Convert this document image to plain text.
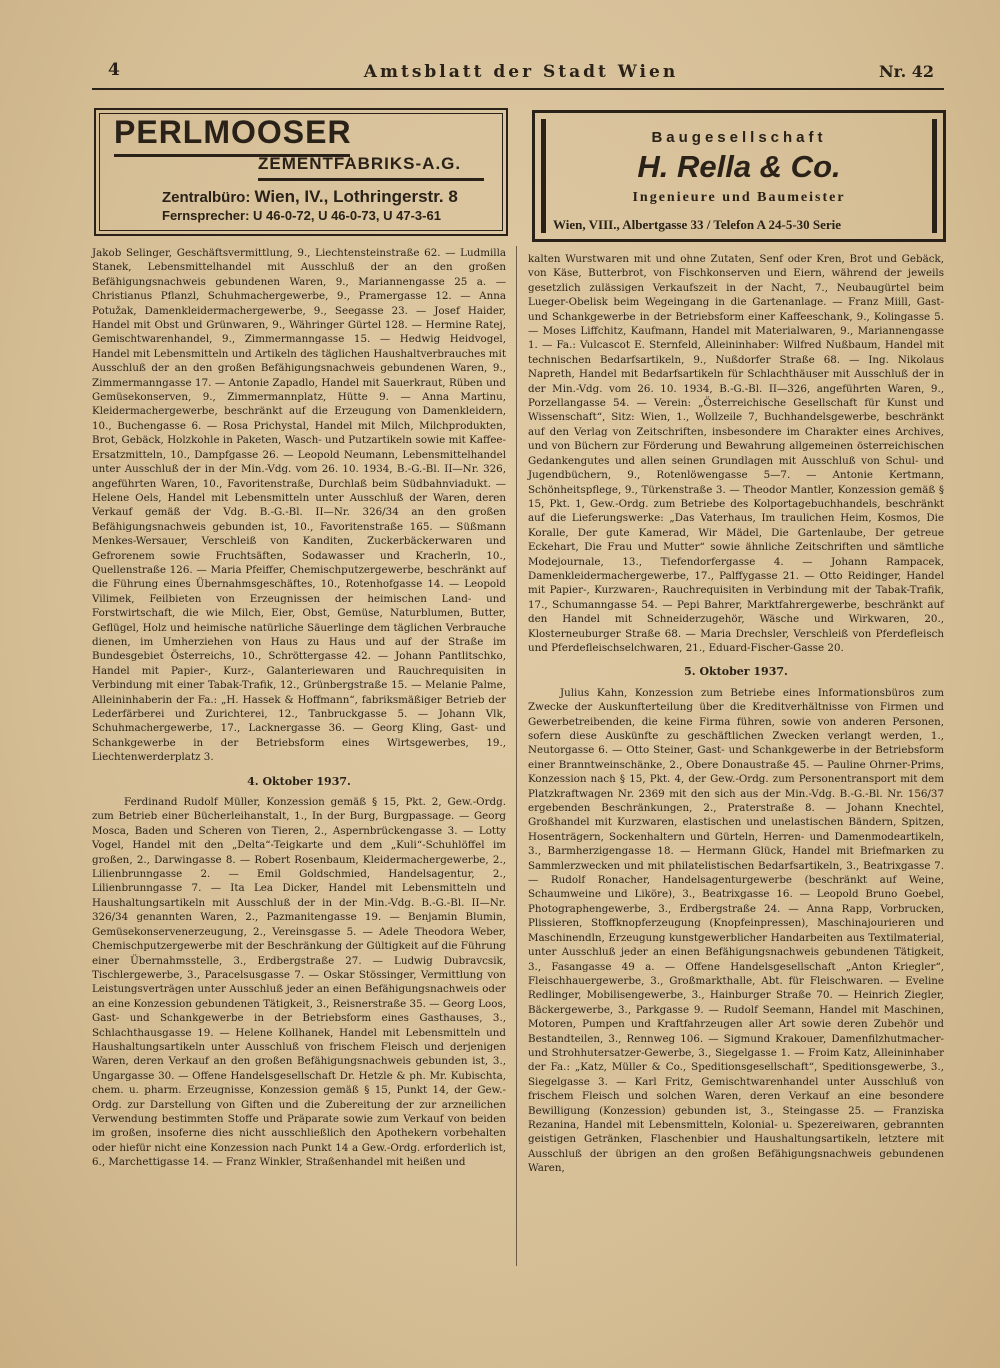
4	Amtsblatt der Stadt Wien	Nr. 42
PERLMOOSER
ZEMENTFABRIKS-A.G.
Zentralbüro: Wien, IV., Lothringerstr. 8
Fernsprecher: U 46-0-72, U 46-0-73, U 47-3-61
Baugesellschaft
H. Rella & Co.
Ingenieure und Baumeister
Wien, VIII., Albertgasse 33 / Telefon A 24-5-30 Serie

Jakob Selinger, Geschäftsvermittlung, 9., Liechtensteinstraße 62. — Ludmilla Stanek, Lebensmittelhandel mit Ausschluß der an den großen Befähigungsnachweis gebundenen Waren, 9., Mariannengasse 25 a. — Christianus Pflanzl, Schuhmachergewerbe, 9., Pramergasse 12. — Anna Potužak, Damenkleidermachergewerbe, 9., Seegasse 23. — Josef Haider, Handel mit Obst und Grünwaren, 9., Währinger Gürtel 128. — Hermine Ratej, Gemischtwarenhandel, 9., Zimmermanngasse 15. — Hedwig Heidvogel, Handel mit Lebensmitteln und Artikeln des täglichen Haushaltverbrauches mit Ausschluß der an den großen Befähigungsnachweis gebundenen Waren, 9., Zimmermanngasse 17. — Antonie Zapadlo, Handel mit Sauerkraut, Rüben und Gemüsekonserven, 9., Zimmermannplatz, Hütte 9. — Anna Martinu, Kleidermachergewerbe, beschränkt auf die Erzeugung von Damenkleidern, 10., Buchengasse 6. — Rosa Prichystal, Handel mit Milch, Milchprodukten, Brot, Gebäck, Holzkohle in Paketen, Wasch- und Putzartikeln sowie mit Kaffee-Ersatzmitteln, 10., Dampfgasse 26. — Leopold Neumann, Lebensmittelhandel unter Ausschluß der in der Min.-Vdg. vom 26. 10. 1934, B.-G.-Bl. II—Nr. 326, angeführten Waren, 10., Favoritenstraße, Durchlaß beim Südbahnviadukt. — Helene Oels, Handel mit Lebensmitteln unter Ausschluß der Waren, deren Verkauf gemäß der Vdg. B.-G.-Bl. II—Nr. 326/34 an den großen Befähigungsnachweis gebunden ist, 10., Favoritenstraße 165. — Süßmann Menkes-Wersauer, Verschleiß von Kanditen, Zuckerbäckerwaren und Gefrorenem sowie Fruchtsäften, Sodawasser und Kracherln, 10., Quellenstraße 126. — Maria Pfeiffer, Chemischputzergewerbe, beschränkt auf die Führung eines Übernahmsgeschäftes, 10., Rotenhofgasse 14. — Leopold Vilimek, Feilbieten von Erzeugnissen der heimischen Land- und Forstwirtschaft, die wie Milch, Eier, Obst, Gemüse, Naturblumen, Butter, Geflügel, Holz und heimische natürliche Säuerlinge dem täglichen Verbrauche dienen, im Umherziehen von Haus zu Haus und auf der Straße im Bundesgebiet Österreichs, 10., Schröttergasse 42. — Johann Pantlitschko, Handel mit Papier-, Kurz-, Galanteriewaren und Rauchrequisiten in Verbindung mit einer Tabak-Trafik, 12., Grünbergstraße 15. — Melanie Palme, Alleininhaberin der Fa.: „H. Hassek & Hoffmann“, fabriksmäßiger Betrieb der Lederfärberei und Zurichterei, 12., Tanbruckgasse 5. — Johann Vlk, Schuhmachergewerbe, 17., Lacknergasse 36. — Georg Kling, Gast- und Schankgewerbe in der Betriebsform eines Wirtsgewerbes, 19., Liechtenwerderplatz 3.

4. Oktober 1937.

Ferdinand Rudolf Müller, Konzession gemäß § 15, Pkt. 2, Gew.-Ordg. zum Betrieb einer Bücherleihanstalt, 1., In der Burg, Burgpassage. — Georg Mosca, Baden und Scheren von Tieren, 2., Aspernbrückengasse 3. — Lotty Vogel, Handel mit den „Delta“-Teigkarte und dem „Kuli“-Schuhlöffel im großen, 2., Darwingasse 8. — Robert Rosenbaum, Kleidermachergewerbe, 2., Lilienbrunngasse 2. — Emil Goldschmied, Handelsagentur, 2., Lilienbrunngasse 7. — Ita Lea Dicker, Handel mit Lebensmitteln und Haushaltungsartikeln mit Ausschluß der in der Min.-Vdg. B.-G.-Bl. II—Nr. 326/34 genannten Waren, 2., Pazmanitengasse 19. — Benjamin Blumin, Gemüsekonservenerzeugung, 2., Vereinsgasse 5. — Adele Theodora Weber, Chemischputzergewerbe mit der Beschränkung der Gültigkeit auf die Führung einer Übernahmsstelle, 3., Erdbergstraße 27. — Ludwig Dubravcsik, Tischlergewerbe, 3., Paracelsusgasse 7. — Oskar Stössinger, Vermittlung von Leistungsverträgen unter Ausschluß jeder an einen Befähigungsnachweis oder an eine Konzession gebundenen Tätigkeit, 3., Reisnerstraße 35. — Georg Loos, Gast- und Schankgewerbe in der Betriebsform eines Gasthauses, 3., Schlachthausgasse 19. — Helene Kollhanek, Handel mit Lebensmitteln und Haushaltungsartikeln unter Ausschluß von frischem Fleisch und derjenigen Waren, deren Verkauf an den großen Befähigungsnachweis gebunden ist, 3., Ungargasse 30. — Offene Handelsgesellschaft Dr. Hetzle & ph. Mr. Kubischta, chem. u. pharm. Erzeugnisse, Konzession gemäß § 15, Punkt 14, der Gew.-Ordg. zur Darstellung von Giften und die Zubereitung der zur arzneilichen Verwendung bestimmten Stoffe und Präparate sowie zum Verkauf von beiden im großen, insoferne dies nicht ausschließlich den Apothekern vorbehalten oder hiefür nicht eine Konzession nach Punkt 14 a Gew.-Ordg. erforderlich ist, 6., Marchettigasse 14. — Franz Winkler, Straßenhandel mit heißen und

kalten Wurstwaren mit und ohne Zutaten, Senf oder Kren, Brot und Gebäck, von Käse, Butterbrot, von Fischkonserven und Eiern, während der jeweils gesetzlich zulässigen Verkaufszeit in der Nacht, 7., Neubaugürtel beim Lueger-Obelisk beim Wegeingang in die Gartenanlage. — Franz Miill, Gast- und Schankgewerbe in der Betriebsform einer Kaffeeschank, 9., Kolingasse 5. — Moses Liffchitz, Kaufmann, Handel mit Materialwaren, 9., Mariannengasse 1. — Fa.: Vulcascot E. Sternfeld, Alleininhaber: Wilfred Nußbaum, Handel mit technischen Bedarfsartikeln, 9., Nußdorfer Straße 68. — Ing. Nikolaus Napreth, Handel mit Bedarfsartikeln für Schlachthäuser mit Ausschluß der in der Min.-Vdg. vom 26. 10. 1934, B.-G.-Bl. II—326, angeführten Waren, 9., Porzellangasse 54. — Verein: „Österreichische Gesellschaft für Kunst und Wissenschaft“, Sitz: Wien, 1., Wollzeile 7, Buchhandelsgewerbe, beschränkt auf den Verlag von Zeitschriften, insbesondere im Charakter eines Archives, und von Büchern zur Förderung und Bewahrung allgemeinen österreichischen Gedankengutes und allen seinen Grundlagen mit Ausschluß von Schul- und Jugendbüchern, 9., Rotenlöwengasse 5—7. — Antonie Kertmann, Schönheitspflege, 9., Türkenstraße 3. — Theodor Mantler, Konzession gemäß § 15, Pkt. 1, Gew.-Ordg. zum Betriebe des Kolportagebuchhandels, beschränkt auf die Lieferungswerke: „Das Vaterhaus, Im traulichen Heim, Kosmos, Die Koralle, Der gute Kamerad, Wir Mädel, Die Gartenlaube, Der getreue Eckehart, Die Frau und Mutter“ sowie ähnliche Zeitschriften und sämtliche Modejournale, 13., Tiefendorfergasse 4. — Johann Rampacek, Damenkleidermachergewerbe, 17., Palffygasse 21. — Otto Reidinger, Handel mit Papier-, Kurzwaren-, Rauchrequisiten in Verbindung mit der Tabak-Trafik, 17., Schumanngasse 54. — Pepi Bahrer, Marktfahrergewerbe, beschränkt auf den Handel mit Schneiderzugehör, Wäsche und Wirkwaren, 20., Klosterneuburger Straße 68. — Maria Drechsler, Verschleiß von Pferdefleisch und Pferdefleischselchwaren, 21., Eduard-Fischer-Gasse 20.

5. Oktober 1937.

Julius Kahn, Konzession zum Betriebe eines Informationsbüros zum Zwecke der Auskunfterteilung über die Kreditverhältnisse von Firmen und Gewerbetreibenden, die keine Firma führen, sowie von anderen Personen, sofern diese Auskünfte zu geschäftlichen Zwecken verlangt werden, 1., Neutorgasse 6. — Otto Steiner, Gast- und Schankgewerbe in der Betriebsform einer Branntweinschänke, 2., Obere Donaustraße 45. — Pauline Ohrner-Prims, Konzession nach § 15, Pkt. 4, der Gew.-Ordg. zum Personentransport mit dem Platzkraftwagen Nr. 2369 mit den sich aus der Min.-Vdg. B.-G.-Bl. Nr. 156/37 ergebenden Beschränkungen, 2., Praterstraße 8. — Johann Knechtel, Großhandel mit Kurzwaren, elastischen und unelastischen Bändern, Spitzen, Hosenträgern, Sockenhaltern und Gürteln, Herren- und Damenmodeartikeln, 3., Barmherzigengasse 18. — Hermann Glück, Handel mit Briefmarken zu Sammlerzwecken und mit philatelistischen Bedarfsartikeln, 3., Beatrixgasse 7. — Rudolf Ronacher, Handelsagenturgewerbe (beschränkt auf Weine, Schaumweine und Liköre), 3., Beatrixgasse 16. — Leopold Bruno Goebel, Photographengewerbe, 3., Erdbergstraße 24. — Anna Rapp, Vorbrucken, Plissieren, Stoffknopferzeugung (Knopfeinpressen), Maschinajourieren und Maschinendln, Erzeugung kunstgewerblicher Handarbeiten aus Textilmaterial, unter Ausschluß jeder an einen Befähigungsnachweis gebundenen Tätigkeit, 3., Fasangasse 49 a. — Offene Handelsgesellschaft „Anton Kriegler“, Fleischhauergewerbe, 3., Großmarkthalle, Abt. für Fleischwaren. — Eveline Redlinger, Mobilisengewerbe, 3., Hainburger Straße 70. — Heinrich Ziegler, Bäckergewerbe, 3., Parkgasse 9. — Rudolf Seemann, Handel mit Maschinen, Motoren, Pumpen und Kraftfahrzeugen aller Art sowie deren Zubehör und Bestandteilen, 3., Rennweg 106. — Sigmund Krakouer, Damenfilzhutmacher- und Strohhutersatzer-Gewerbe, 3., Siegelgasse 1. — Froim Katz, Alleininhaber der Fa.: „Katz, Müller & Co., Speditionsgesellschaft“, Speditionsgewerbe, 3., Siegelgasse 3. — Karl Fritz, Gemischtwarenhandel unter Ausschluß von frischem Fleisch und solchen Waren, deren Verkauf an eine besondere Bewilligung (Konzession) gebunden ist, 3., Steingasse 25. — Franziska Rezanina, Handel mit Lebensmitteln, Kolonial- u. Spezereiwaren, gebrannten geistigen Getränken, Flaschenbier und Haushaltungsartikeln, letztere mit Ausschluß der übrigen an den großen Befähigungsnachweis gebundenen Waren,
